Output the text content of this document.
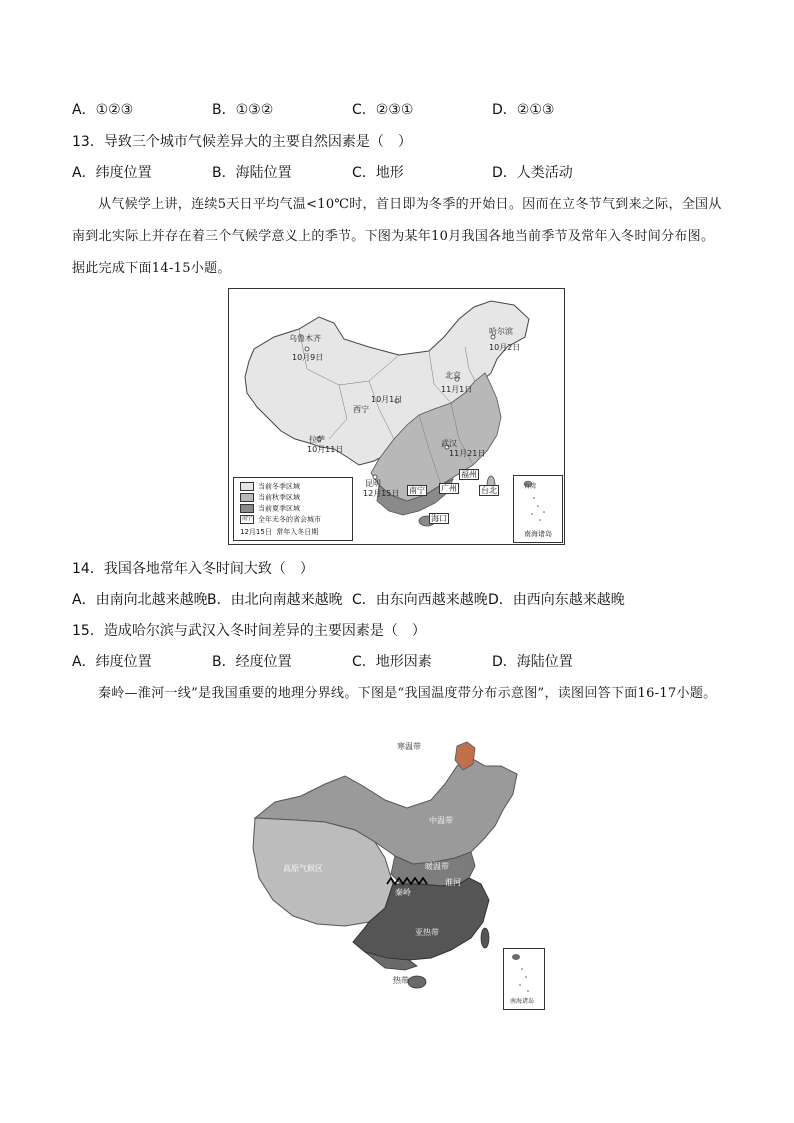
A．①②③	B．①③②	C．②③①	D．②①③
13．导致三个城市气候差异大的主要自然因素是（　）
A．纬度位置	B．海陆位置	C．地形	D．人类活动
从气候学上讲，连续5天日平均气温<10℃时，首日即为冬季的开始日。因而在立冬节气到来之际，全国从南到北实际上并存在着三个气候学意义上的季节。下图为某年10月我国各地当前季节及常年入冬时间分布图。据此完成下面14-15小题。
乌鲁木齐
10月9日
哈尔滨
10月2日
北京
11月1日
10月1日
西宁
拉萨
10月11日
武汉
11月21日
昆明
12月15日
福州
南宁 广州	台北
海口
当前冬季区域
当前秋季区域
当前夏季区域
南宁 全年无冬的省会城市
12月15日 常年入冬日期
台湾
南海诸岛
14．我国各地常年入冬时间大致（　）
A．由南向北越来越晚 B．由北向南越来越晚 C．由东向西越来越晚 D．由西向东越来越晚
15．造成哈尔滨与武汉入冬时间差异的主要因素是（　）
A．纬度位置	B．经度位置	C．地形因素	D．海陆位置
秦岭—淮河一线”是我国重要的地理分界线。下图是“我国温度带分布示意图”，读图回答下面16-17小题。
寒温带
中温带
暖温带
高原气候区
秦岭
淮河
亚热带
热带
南海诸岛
